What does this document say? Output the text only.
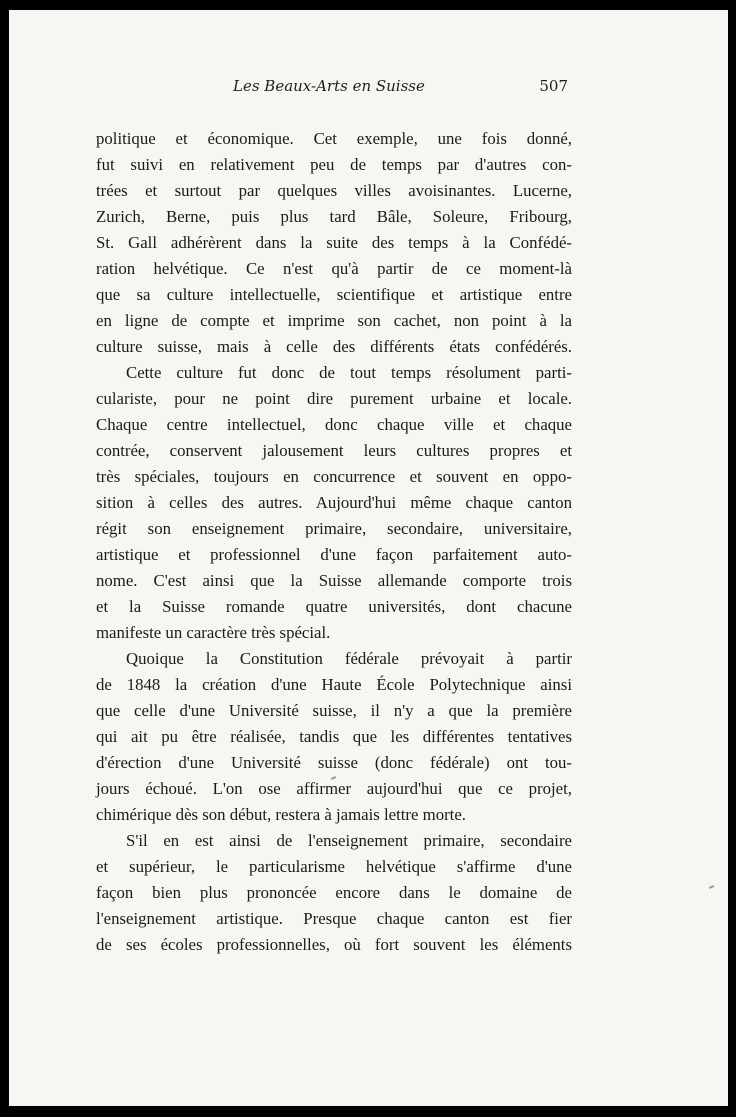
Les Beaux-Arts en Suisse	507
politique et économique. Cet exemple, une fois donné,
fut suivi en relativement peu de temps par d'autres con-
trées et surtout par quelques villes avoisinantes. Lucerne,
Zurich, Berne, puis plus tard Bâle, Soleure, Fribourg,
St. Gall adhérèrent dans la suite des temps à la Confédé-
ration helvétique. Ce n'est qu'à partir de ce moment-là
que sa culture intellectuelle, scientifique et artistique entre
en ligne de compte et imprime son cachet, non point à la
culture suisse, mais à celle des différents états confédérés.
Cette culture fut donc de tout temps résolument parti-
culariste, pour ne point dire purement urbaine et locale.
Chaque centre intellectuel, donc chaque ville et chaque
contrée, conservent jalousement leurs cultures propres et
très spéciales, toujours en concurrence et souvent en oppo-
sition à celles des autres. Aujourd'hui même chaque canton
régit son enseignement primaire, secondaire, universitaire,
artistique et professionnel d'une façon parfaitement auto-
nome. C'est ainsi que la Suisse allemande comporte trois
et la Suisse romande quatre universités, dont chacune
manifeste un caractère très spécial.
Quoique la Constitution fédérale prévoyait à partir
de 1848 la création d'une Haute École Polytechnique ainsi
que celle d'une Université suisse, il n'y a que la première
qui ait pu être réalisée, tandis que les différentes tentatives
d'érection d'une Université suisse (donc fédérale) ont tou-
jours échoué. L'on ose affirmer aujourd'hui que ce projet,
chimérique dès son début, restera à jamais lettre morte.
S'il en est ainsi de l'enseignement primaire, secondaire
et supérieur, le particularisme helvétique s'affirme d'une
façon bien plus prononcée encore dans le domaine de
l'enseignement artistique. Presque chaque canton est fier
de ses écoles professionnelles, où fort souvent les éléments
